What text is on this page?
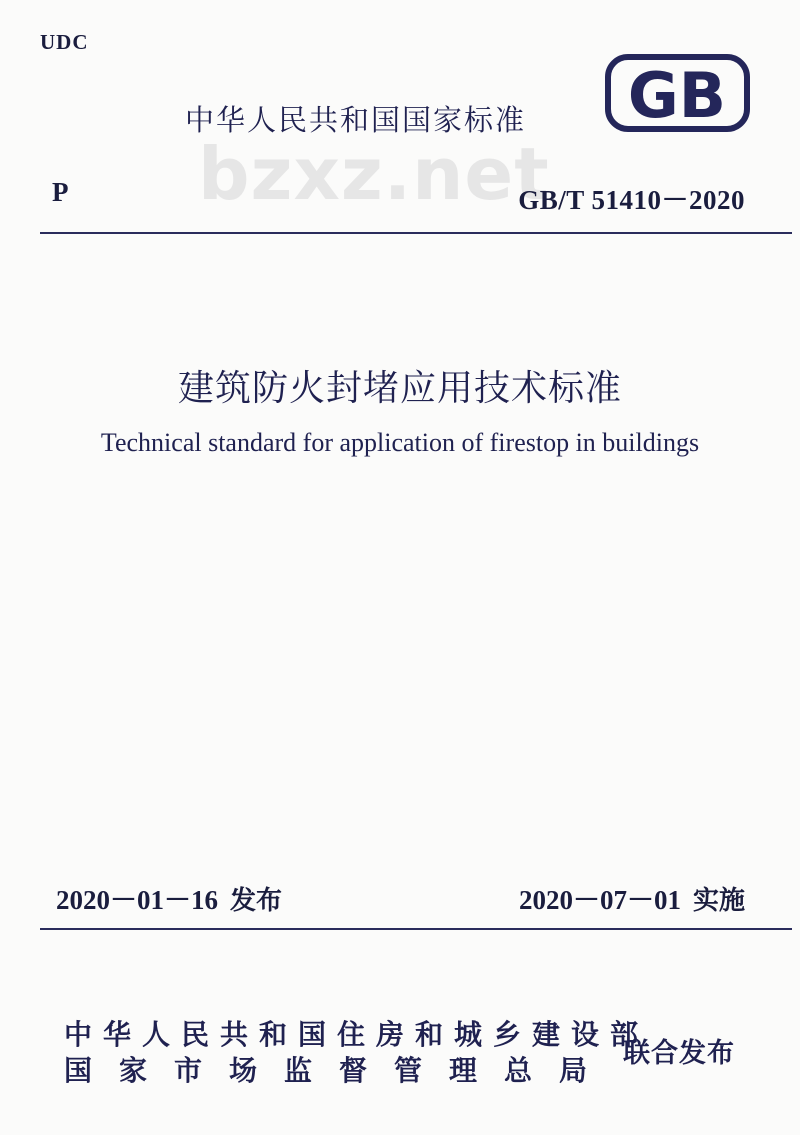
UDC
中华人民共和国国家标准 GB
bzxz.net
P	GB/T 51410－2020
建筑防火封堵应用技术标准
Technical standard for application of firestop in buildings
2020－01－16 发布	2020－07－01 实施
中华人民共和国住房和城乡建设部
国家市场监督管理总局
联合发布
